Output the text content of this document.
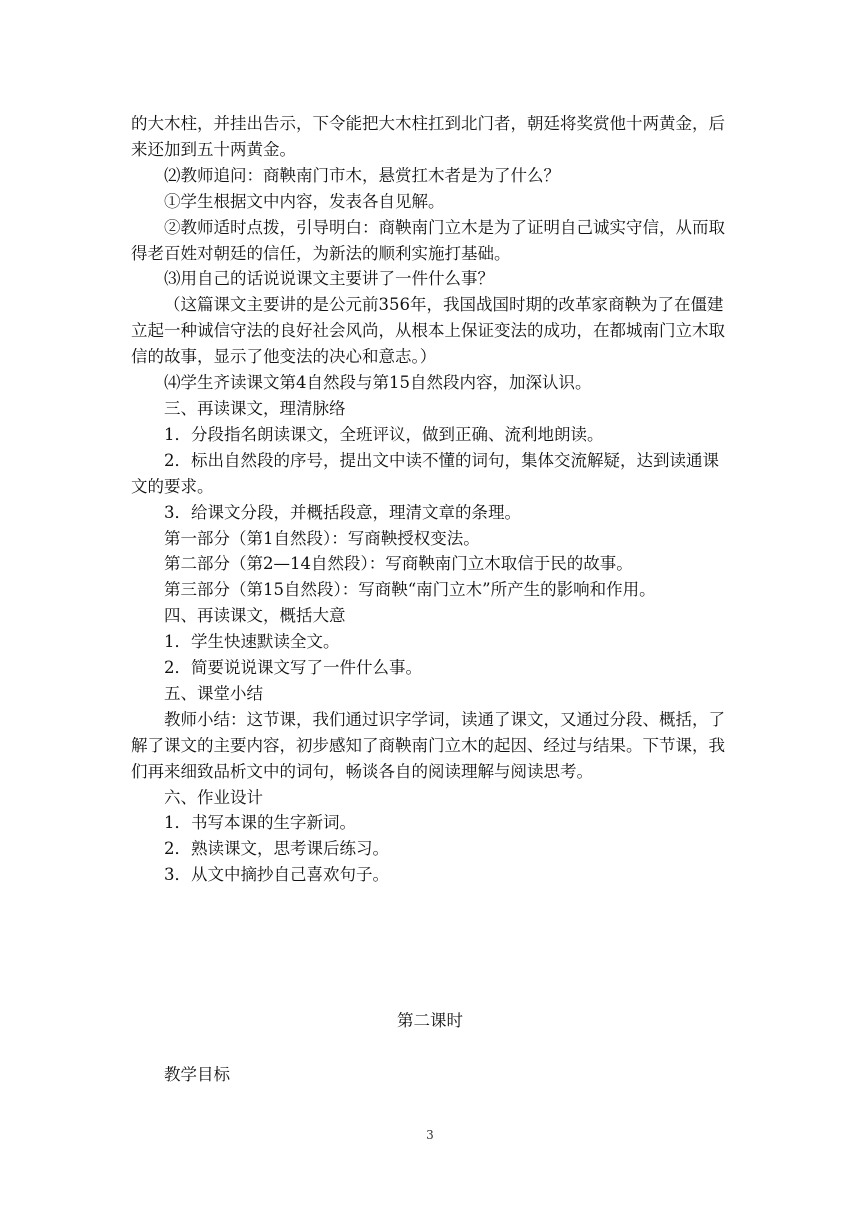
的大木柱，并挂出告示，下令能把大木柱扛到北门者，朝廷将奖赏他十两黄金，后来还加到五十两黄金。

⑵教师追问：商鞅南门市木，悬赏扛木者是为了什么？

①学生根据文中内容，发表各自见解。

②教师适时点拨，引导明白：商鞅南门立木是为了证明自己诚实守信，从而取得老百姓对朝廷的信任，为新法的顺利实施打基础。

⑶用自己的话说说课文主要讲了一件什么事？

（这篇课文主要讲的是公元前356年，我国战国时期的改革家商鞅为了在僵建立起一种诚信守法的良好社会风尚，从根本上保证变法的成功，在都城南门立木取信的故事，显示了他变法的决心和意志。）

⑷学生齐读课文第4自然段与第15自然段内容，加深认识。

三、再读课文，理清脉络

1．分段指名朗读课文，全班评议，做到正确、流利地朗读。

2．标出自然段的序号，提出文中读不懂的词句，集体交流解疑，达到读通课文的要求。

3．给课文分段，并概括段意，理清文章的条理。

第一部分（第1自然段）：写商鞅授权变法。

第二部分（第2—14自然段）：写商鞅南门立木取信于民的故事。

第三部分（第15自然段）：写商鞅“南门立木”所产生的影响和作用。

四、再读课文，概括大意

1．学生快速默读全文。

2．简要说说课文写了一件什么事。

五、课堂小结

教师小结：这节课，我们通过识字学词，读通了课文，又通过分段、概括，了解了课文的主要内容，初步感知了商鞅南门立木的起因、经过与结果。下节课，我们再来细致品析文中的词句，畅谈各自的阅读理解与阅读思考。

六、作业设计

1．书写本课的生字新词。

2．熟读课文，思考课后练习。

3．从文中摘抄自己喜欢句子。

第二课时
教学目标
3
